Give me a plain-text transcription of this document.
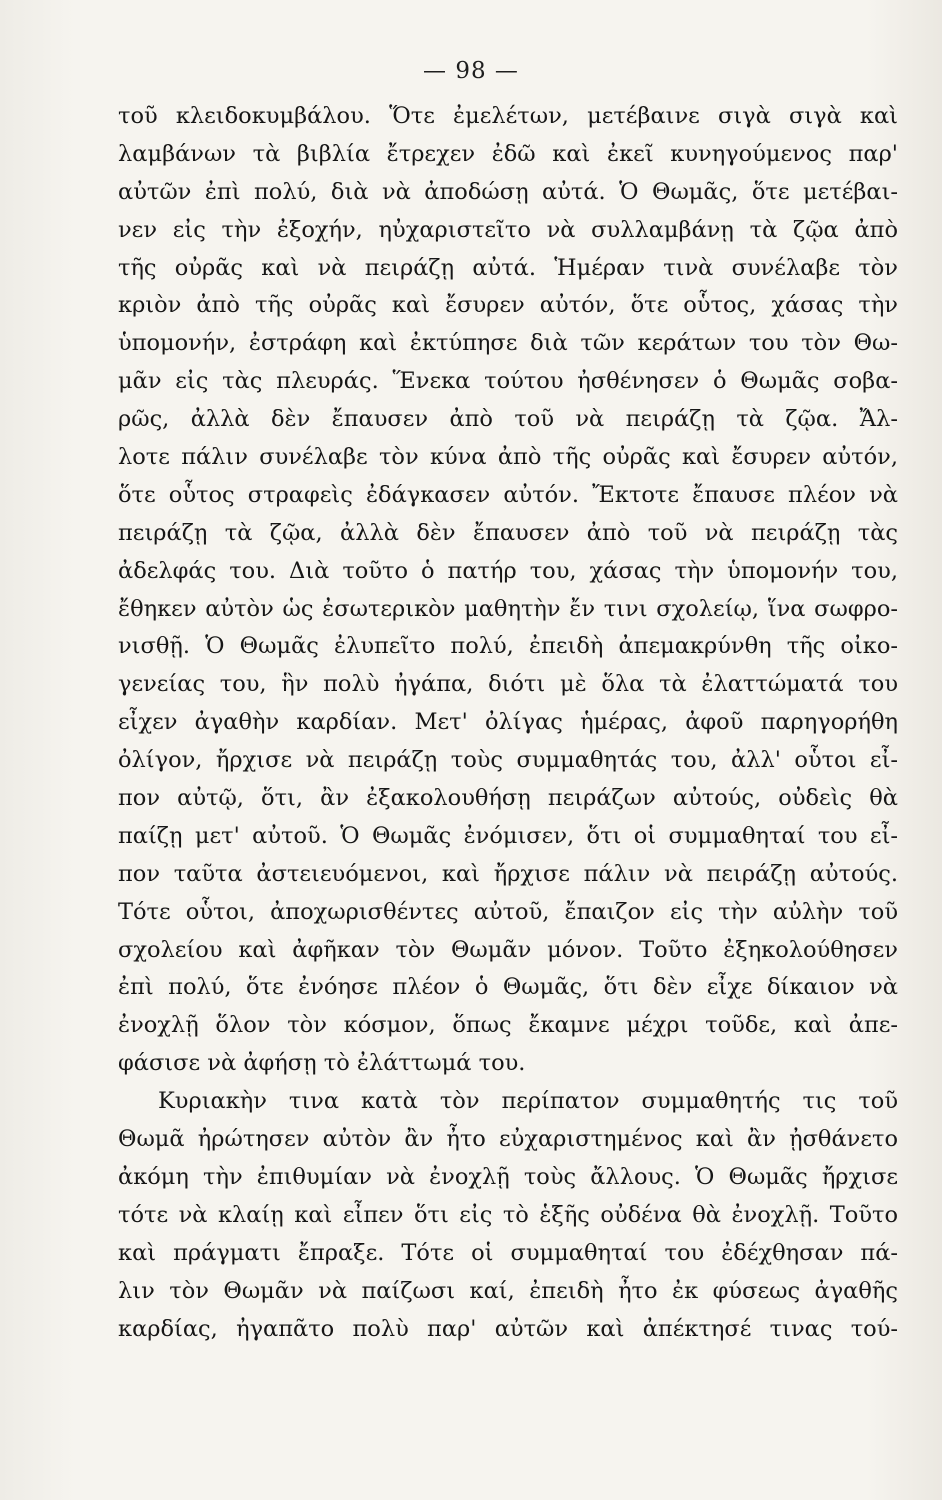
— 98 —
τοῦ κλειδοκυμβάλου. Ὅτε ἐμελέτων, μετέβαινε σιγὰ σιγὰ καὶ
λαμβάνων τὰ βιβλία ἔτρεχεν ἐδῶ καὶ ἐκεῖ κυνηγούμενος παρ'
αὐτῶν ἐπὶ πολύ, διὰ νὰ ἀποδώσῃ αὐτά. Ὁ Θωμᾶς, ὅτε μετέβαι-
νεν εἰς τὴν ἐξοχήν, ηὐχαριστεῖτο νὰ συλλαμβάνῃ τὰ ζῷα ἀπὸ
τῆς οὐρᾶς καὶ νὰ πειράζῃ αὐτά. Ἡμέραν τινὰ συνέλαβε τὸν
κριὸν ἀπὸ τῆς οὐρᾶς καὶ ἔσυρεν αὐτόν, ὅτε οὗτος, χάσας τὴν
ὑπομονήν, ἐστράφη καὶ ἐκτύπησε διὰ τῶν κεράτων του τὸν Θω-
μᾶν εἰς τὰς πλευράς. Ἕνεκα τούτου ἠσθένησεν ὁ Θωμᾶς σοβα-
ρῶς, ἀλλὰ δὲν ἔπαυσεν ἀπὸ τοῦ νὰ πειράζῃ τὰ ζῷα. Ἄλ-
λοτε πάλιν συνέλαβε τὸν κύνα ἀπὸ τῆς οὐρᾶς καὶ ἔσυρεν αὐτόν,
ὅτε οὗτος στραφεὶς ἐδάγκασεν αὐτόν. Ἔκτοτε ἔπαυσε πλέον νὰ
πειράζῃ τὰ ζῷα, ἀλλὰ δὲν ἔπαυσεν ἀπὸ τοῦ νὰ πειράζῃ τὰς
ἀδελφάς του. Διὰ τοῦτο ὁ πατήρ του, χάσας τὴν ὑπομονήν του,
ἔθηκεν αὐτὸν ὡς ἐσωτερικὸν μαθητὴν ἔν τινι σχολείῳ, ἵνα σωφρο-
νισθῇ. Ὁ Θωμᾶς ἐλυπεῖτο πολύ, ἐπειδὴ ἀπεμακρύνθη τῆς οἰκο-
γενείας του, ἣν πολὺ ἠγάπα, διότι μὲ ὅλα τὰ ἐλαττώματά του
εἶχεν ἀγαθὴν καρδίαν. Μετ' ὀλίγας ἡμέρας, ἀφοῦ παρηγορήθη
ὀλίγον, ἤρχισε νὰ πειράζῃ τοὺς συμμαθητάς του, ἀλλ' οὗτοι εἶ-
πον αὐτῷ, ὅτι, ἂν ἐξακολουθήσῃ πειράζων αὐτούς, οὐδεὶς θὰ
παίζῃ μετ' αὐτοῦ. Ὁ Θωμᾶς ἐνόμισεν, ὅτι οἱ συμμαθηταί του εἶ-
πον ταῦτα ἀστειευόμενοι, καὶ ἤρχισε πάλιν νὰ πειράζῃ αὐτούς.
Τότε οὗτοι, ἀποχωρισθέντες αὐτοῦ, ἔπαιζον εἰς τὴν αὐλὴν τοῦ
σχολείου καὶ ἀφῆκαν τὸν Θωμᾶν μόνον. Τοῦτο ἐξηκολούθησεν
ἐπὶ πολύ, ὅτε ἐνόησε πλέον ὁ Θωμᾶς, ὅτι δὲν εἶχε δίκαιον νὰ
ἐνοχλῇ ὅλον τὸν κόσμον, ὅπως ἔκαμνε μέχρι τοῦδε, καὶ ἀπε-
φάσισε νὰ ἀφήσῃ τὸ ἐλάττωμά του.
Κυριακὴν τινα κατὰ τὸν περίπατον συμμαθητής τις τοῦ
Θωμᾶ ἠρώτησεν αὐτὸν ἂν ἦτο εὐχαριστημένος καὶ ἂν ᾐσθάνετο
ἀκόμη τὴν ἐπιθυμίαν νὰ ἐνοχλῇ τοὺς ἄλλους. Ὁ Θωμᾶς ἤρχισε
τότε νὰ κλαίῃ καὶ εἶπεν ὅτι εἰς τὸ ἑξῆς οὐδένα θὰ ἐνοχλῇ. Τοῦτο
καὶ πράγματι ἔπραξε. Τότε οἱ συμμαθηταί του ἐδέχθησαν πά-
λιν τὸν Θωμᾶν νὰ παίζωσι καί, ἐπειδὴ ἦτο ἐκ φύσεως ἀγαθῆς
καρδίας, ἠγαπᾶτο πολὺ παρ' αὐτῶν καὶ ἀπέκτησέ τινας τού-
